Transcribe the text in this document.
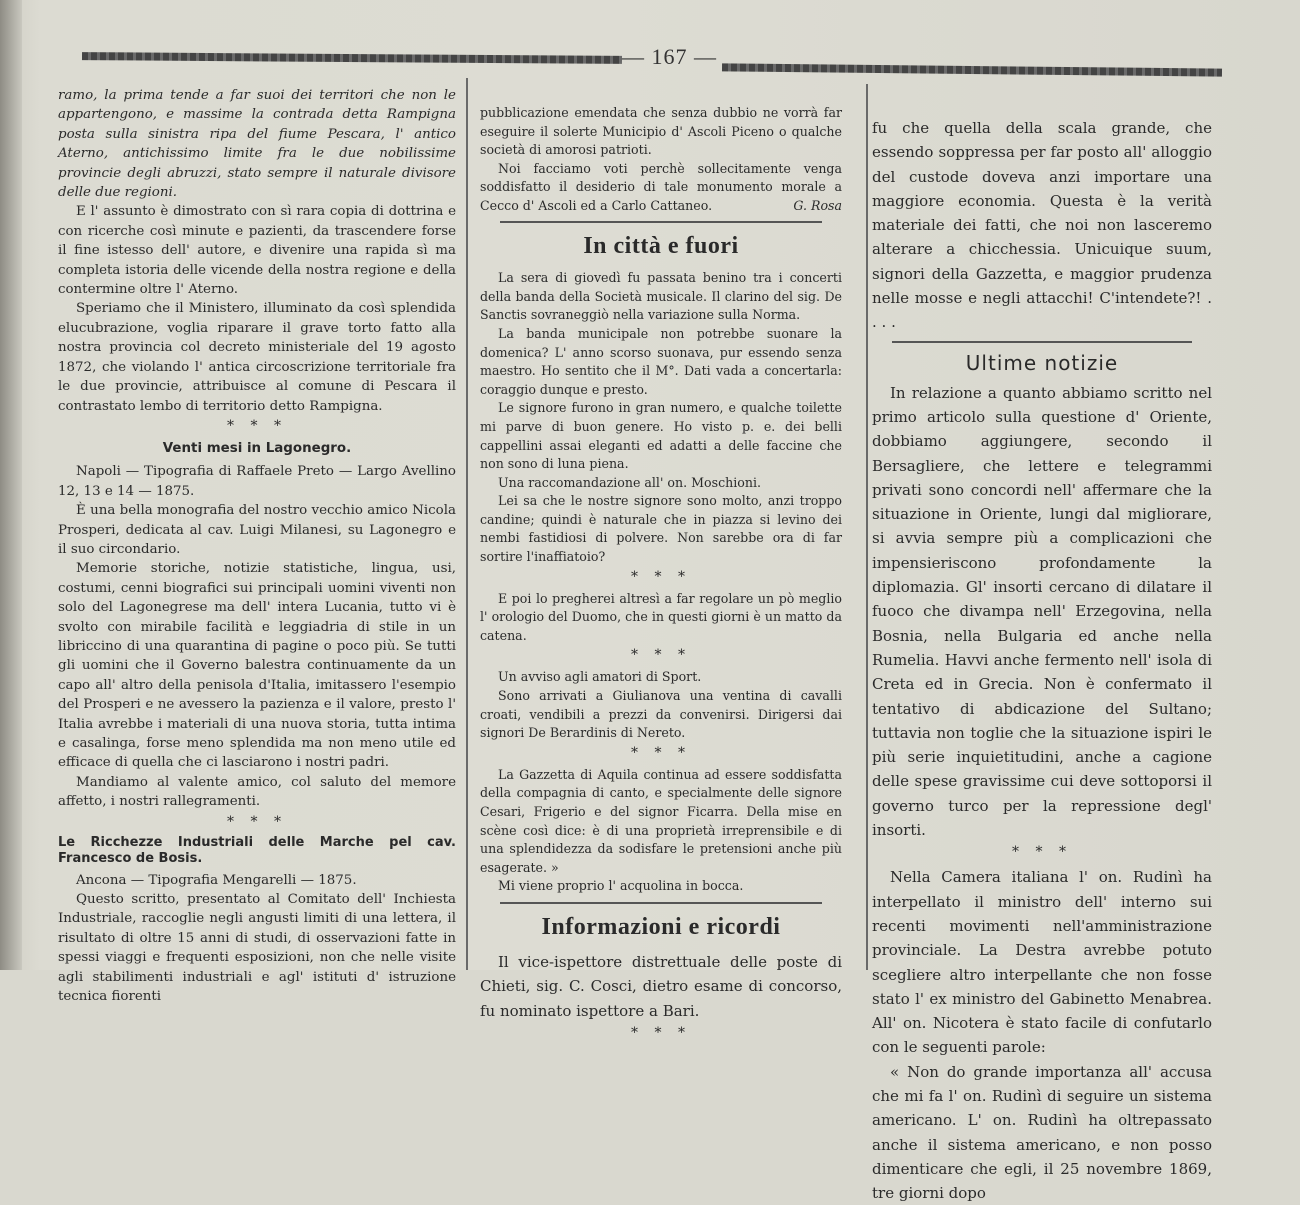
— 167 —

ramo, la prima tende a far suoi dei territori che non le appartengono, e massime la contrada detta Rampigna posta sulla sinistra ripa del fiume Pescara, l' antico Aterno, antichissimo limite fra le due nobilissime provincie degli abruzzi, stato sempre il naturale divisore delle due regioni.

E l' assunto è dimostrato con sì rara copia di dottrina e con ricerche così minute e pazienti, da trascendere forse il fine istesso dell' autore, e divenire una rapida sì ma completa istoria delle vicende della nostra regione e della contermine oltre l' Aterno.

Speriamo che il Ministero, illuminato da così splendida elucubrazione, voglia riparare il grave torto fatto alla nostra provincia col decreto ministeriale del 19 agosto 1872, che violando l' antica circoscrizione territoriale fra le due provincie, attribuisce al comune di Pescara il contrastato lembo di territorio detto Rampigna.

* * *
Venti mesi in Lagonegro.

Napoli — Tipografia di Raffaele Preto — Largo Avellino 12, 13 e 14 — 1875.

È una bella monografia del nostro vecchio amico Nicola Prosperi, dedicata al cav. Luigi Milanesi, su Lagonegro e il suo circondario.

Memorie storiche, notizie statistiche, lingua, usi, costumi, cenni biografici sui principali uomini viventi non solo del Lagonegrese ma dell' intera Lucania, tutto vi è svolto con mirabile facilità e leggiadria di stile in un libriccino di una quarantina di pagine o poco più. Se tutti gli uomini che il Governo balestra continuamente da un capo all' altro della penisola d'Italia, imitassero l'esempio del Prosperi e ne avessero la pazienza e il valore, presto l' Italia avrebbe i materiali di una nuova storia, tutta intima e casalinga, forse meno splendida ma non meno utile ed efficace di quella che ci lasciarono i nostri padri.

Mandiamo al valente amico, col saluto del memore affetto, i nostri rallegramenti.

* * *
Le Ricchezze Industriali delle Marche pel cav. Francesco de Bosis.

Ancona — Tipografia Mengarelli — 1875.

Questo scritto, presentato al Comitato dell' Inchiesta Industriale, raccoglie negli angusti limiti di una lettera, il risultato di oltre 15 anni di studi, di osservazioni fatte in spessi viaggi e frequenti esposizioni, non che nelle visite agli stabilimenti industriali e agl' istituti d' istruzione tecnica fiorenti

pubblicazione emendata che senza dubbio ne vorrà far eseguire il solerte Municipio d' Ascoli Piceno o qualche società di amorosi patrioti.

Noi facciamo voti perchè sollecitamente venga soddisfatto il desiderio di tale monumento morale a Cecco d' Ascoli ed a Carlo Cattaneo.	G. Rosa

In città e fuori

La sera di giovedì fu passata benino tra i concerti della banda della Società musicale. Il clarino del sig. De Sanctis sovraneggiò nella variazione sulla Norma.

La banda municipale non potrebbe suonare la domenica? L' anno scorso suonava, pur essendo senza maestro. Ho sentito che il M°. Dati vada a concertarla: coraggio dunque e presto.

Le signore furono in gran numero, e qualche toilette mi parve di buon genere. Ho visto p. e. dei belli cappellini assai eleganti ed adatti a delle faccine che non sono di luna piena.

Una raccomandazione all' on. Moschioni.

Lei sa che le nostre signore sono molto, anzi troppo candine; quindi è naturale che in piazza si levino dei nembi fastidiosi di polvere. Non sarebbe ora di far sortire l'inaffiatoio?

* * *

E poi lo pregherei altresì a far regolare un pò meglio l' orologio del Duomo, che in questi giorni è un matto da catena.

* * *

Un avviso agli amatori di Sport.

Sono arrivati a Giulianova una ventina di cavalli croati, vendibili a prezzi da convenirsi. Dirigersi dai signori De Berardinis di Nereto.

* * *

La Gazzetta di Aquila continua ad essere soddisfatta della compagnia di canto, e specialmente delle signore Cesari, Frigerio e del signor Ficarra. Della mise en scène così dice: è di una proprietà irreprensibile e di una splendidezza da sodisfare le pretensioni anche più esagerate. »

Mi viene proprio l' acquolina in bocca.

Informazioni e ricordi

Il vice-ispettore distrettuale delle poste di Chieti, sig. C. Cosci, dietro esame di concorso, fu nominato ispettore a Bari.

* * *

fu che quella della scala grande, che essendo soppressa per far posto all' alloggio del custode doveva anzi importare una maggiore economia. Questa è la verità materiale dei fatti, che noi non lasceremo alterare a chicchessia. Unicuique suum, signori della Gazzetta, e maggior prudenza nelle mosse e negli attacchi! C'intendete?! . . . .

Ultime notizie

In relazione a quanto abbiamo scritto nel primo articolo sulla questione d' Oriente, dobbiamo aggiungere, secondo il Bersagliere, che lettere e telegrammi privati sono concordi nell' affermare che la situazione in Oriente, lungi dal migliorare, si avvia sempre più a complicazioni che impensieriscono profondamente la diplomazia. Gl' insorti cercano di dilatare il fuoco che divampa nell' Erzegovina, nella Bosnia, nella Bulgaria ed anche nella Rumelia. Havvi anche fermento nell' isola di Creta ed in Grecia. Non è confermato il tentativo di abdicazione del Sultano; tuttavia non toglie che la situazione ispiri le più serie inquietitudini, anche a cagione delle spese gravissime cui deve sottoporsi il governo turco per la repressione degl' insorti.

* * *

Nella Camera italiana l' on. Rudinì ha interpellato il ministro dell' interno sui recenti movimenti nell'amministrazione provinciale. La Destra avrebbe potuto scegliere altro interpellante che non fosse stato l' ex ministro del Gabinetto Menabrea. All' on. Nicotera è stato facile di confutarlo con le seguenti parole:

« Non do grande importanza all' accusa che mi fa l' on. Rudinì di seguire un sistema americano. L' on. Rudinì ha oltrepassato anche il sistema americano, e non posso dimenticare che egli, il 25 novembre 1869, tre giorni dopo
